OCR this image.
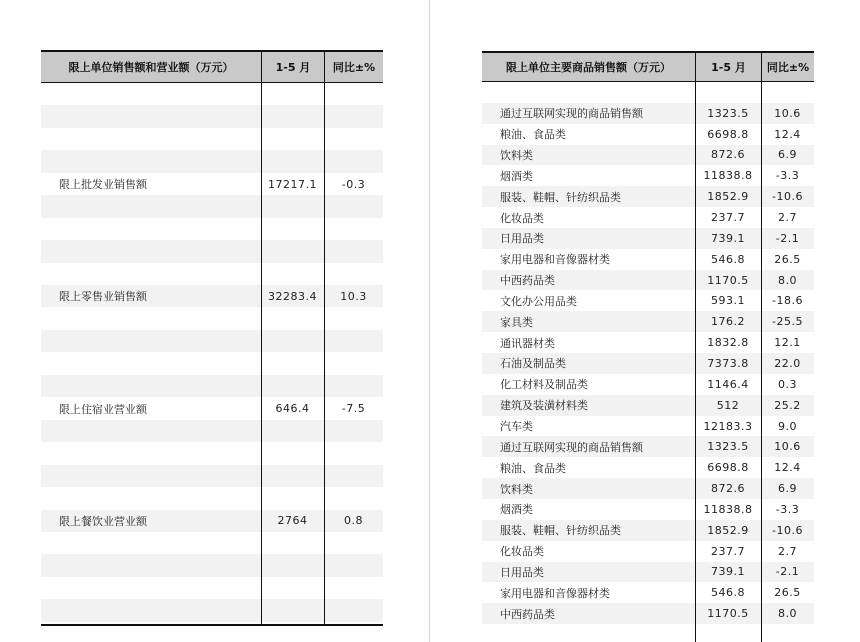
限上单位销售额和营业额（万元）	1-5 月	同比±%
限上批发业销售额	17217.1	-0.3
限上零售业销售额	32283.4	10.3
限上住宿业营业额	646.4	-7.5
限上餐饮业营业额	2764	0.8
限上单位主要商品销售额（万元）	1-5 月	同比±%
通过互联网实现的商品销售额	1323.5	10.6
粮油、食品类	6698.8	12.4
饮料类	872.6	6.9
烟酒类	11838.8	-3.3
服装、鞋帽、针纺织品类	1852.9	-10.6
化妆品类	237.7	2.7
日用品类	739.1	-2.1
家用电器和音像器材类	546.8	26.5
中西药品类	1170.5	8.0
文化办公用品类	593.1	-18.6
家具类	176.2	-25.5
通讯器材类	1832.8	12.1
石油及制品类	7373.8	22.0
化工材料及制品类	1146.4	0.3
建筑及装潢材料类	512	25.2
汽车类	12183.3	9.0
通过互联网实现的商品销售额	1323.5	10.6
粮油、食品类	6698.8	12.4
饮料类	872.6	6.9
烟酒类	11838.8	-3.3
服装、鞋帽、针纺织品类	1852.9	-10.6
化妆品类	237.7	2.7
日用品类	739.1	-2.1
家用电器和音像器材类	546.8	26.5
中西药品类	1170.5	8.0
